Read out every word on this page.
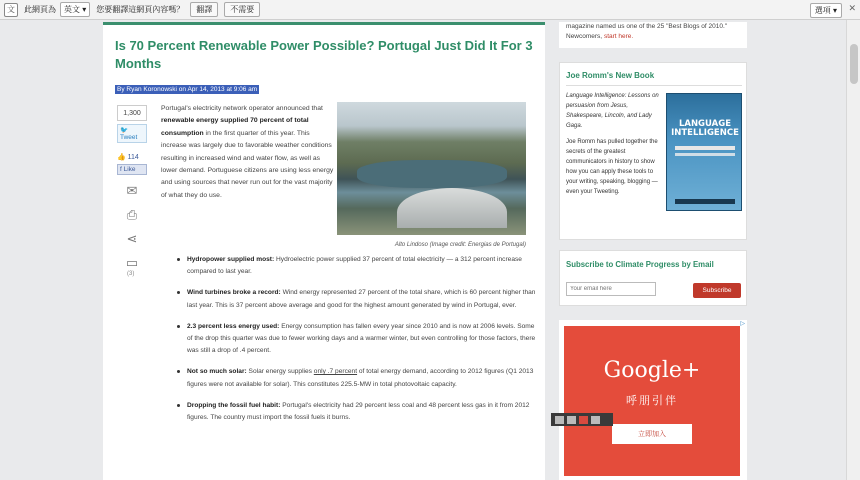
文	此網頁為	英文 ▾	您要翻譯這網頁內容嗎？	翻譯	不需要	選項 ▾	✕
Is 70 Percent Renewable Power Possible? Portugal Just Did It For 3 Months
By Ryan Koronowski on Apr 14, 2013 at 9:06 am
1,300
🐦 Tweet
👍 114
f Like
✉
⎙
⋖
▭
(3)

Portugal's electricity network operator announced that renewable energy supplied 70 percent of total consumption in the first quarter of this year. This increase was largely due to favorable weather conditions resulting in increased wind and water flow, as well as lower demand. Portuguese citizens are using less energy and using sources that never run out for the vast majority of what they do use.

Alto Lindoso (Image credit: Energias de Portugal)
Hydropower supplied most: Hydroelectric power supplied 37 percent of total electricity — a 312 percent increase compared to last year.
Wind turbines broke a record: Wind energy represented 27 percent of the total share, which is 60 percent higher than last year. This is 37 percent above average and good for the highest amount generated by wind in Portugal, ever.
2.3 percent less energy used: Energy consumption has fallen every year since 2010 and is now at 2006 levels. Some of the drop this quarter was due to fewer working days and a warmer winter, but even controlling for those factors, there was still a drop of .4 percent.
Not so much solar: Solar energy supplies only .7 percent of total energy demand, according to 2012 figures (Q1 2013 figures were not available for solar). This constitutes 225.5-MW in total photovoltaic capacity.
Dropping the fossil fuel habit: Portugal's electricity had 29 percent less coal and 48 percent less gas in it from 2012 figures. The country must import the fossil fuels it burns.

magazine named us one of the 25 "Best Blogs of 2010." Newcomers, start here.

Joe Romm's New Book
Language Intelligence: Lessons on persuasion from Jesus, Shakespeare, Lincoln, and Lady Gaga.

Joe Romm has pulled together the secrets of the greatest communicators in history to show how you can apply these tools to your writing, speaking, blogging — even your Tweeting.

LANGUAGE INTELLIGENCE
Subscribe to Climate Progress by Email
Your email here
Subscribe
Google+
呼朋引伴
立即加入
▷
